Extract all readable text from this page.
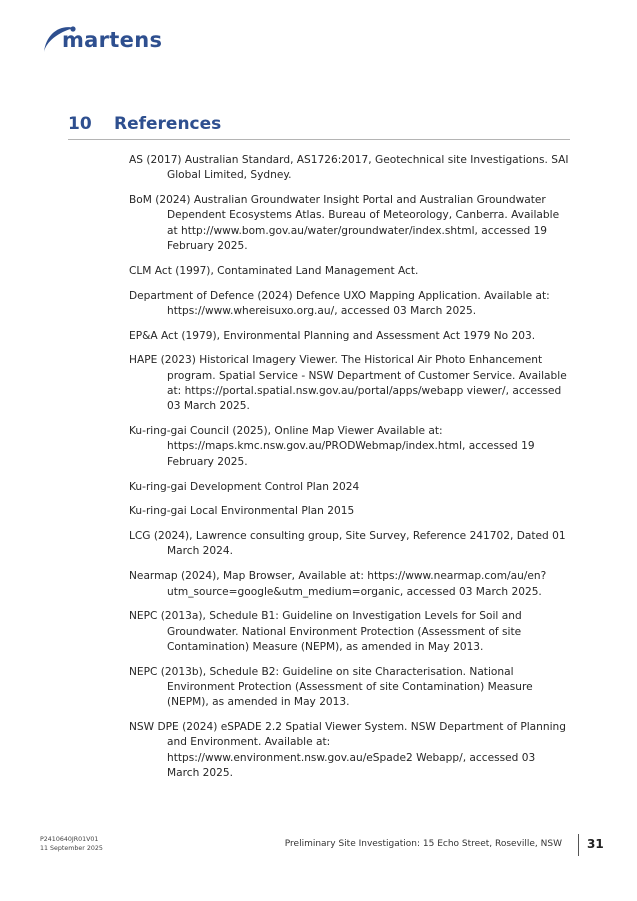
martens
10 References

AS (2017) Australian Standard, AS1726:2017, Geotechnical site Investigations. SAI Global Limited, Sydney.

BoM (2024) Australian Groundwater Insight Portal and Australian Groundwater Dependent Ecosystems Atlas. Bureau of Meteorology, Canberra. Available at http://www.bom.gov.au/water/groundwater/index.shtml, accessed 19 February 2025.

CLM Act (1997), Contaminated Land Management Act.

Department of Defence (2024) Defence UXO Mapping Application. Available at: https://www.whereisuxo.org.au/, accessed 03 March 2025.

EP&A Act (1979), Environmental Planning and Assessment Act 1979 No 203.

HAPE (2023) Historical Imagery Viewer. The Historical Air Photo Enhancement program. Spatial Service - NSW Department of Customer Service. Available at: https://portal.spatial.nsw.gov.au/portal/apps/webapp viewer/, accessed 03 March 2025.

Ku-ring-gai Council (2025), Online Map Viewer Available at: https://maps.kmc.nsw.gov.au/PRODWebmap/index.html, accessed 19 February 2025.

Ku-ring-gai Development Control Plan 2024

Ku-ring-gai Local Environmental Plan 2015

LCG (2024), Lawrence consulting group, Site Survey, Reference 241702, Dated 01 March 2024.

Nearmap (2024), Map Browser, Available at: https://www.nearmap.com/au/en?utm_source=google&utm_medium=organic, accessed 03 March 2025.

NEPC (2013a), Schedule B1: Guideline on Investigation Levels for Soil and Groundwater. National Environment Protection (Assessment of site Contamination) Measure (NEPM), as amended in May 2013.

NEPC (2013b), Schedule B2: Guideline on site Characterisation. National Environment Protection (Assessment of site Contamination) Measure (NEPM), as amended in May 2013.

NSW DPE (2024) eSPADE 2.2 Spatial Viewer System. NSW Department of Planning and Environment. Available at: https://www.environment.nsw.gov.au/eSpade2 Webapp/, accessed 03 March 2025.

P2410640JR01V01
11 September 2025	Preliminary Site Investigation: 15 Echo Street, Roseville, NSW 31
